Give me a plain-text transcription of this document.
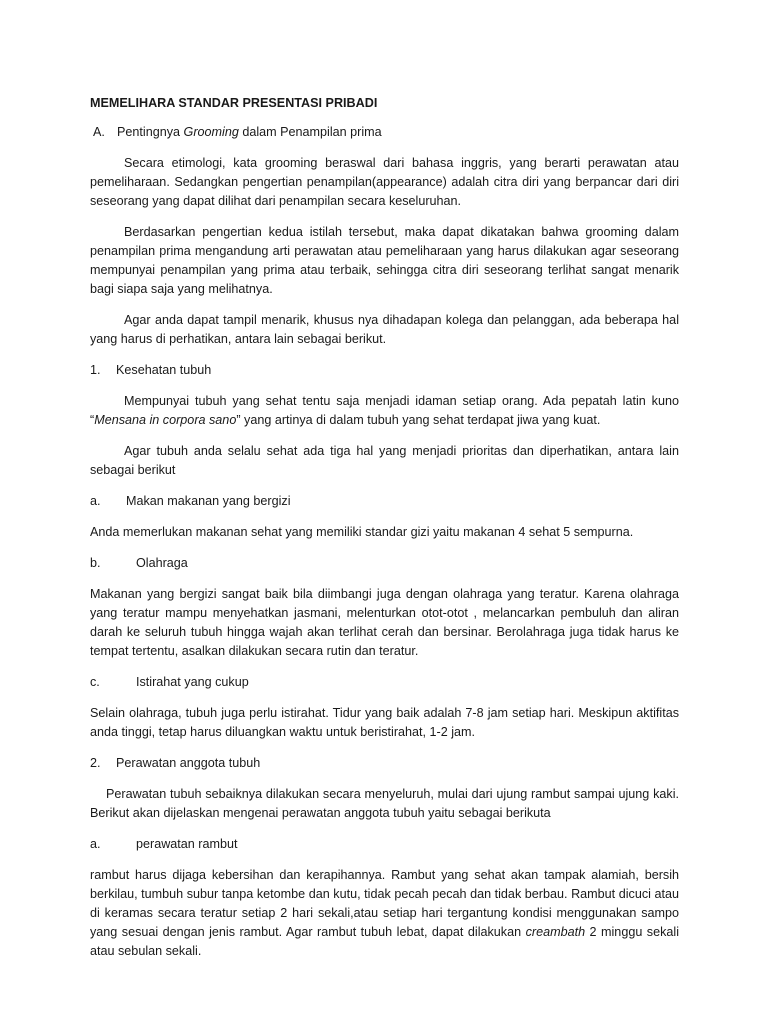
MEMELIHARA STANDAR PRESENTASI PRIBADI
A. Pentingnya Grooming dalam Penampilan prima

Secara etimologi, kata grooming beraswal dari bahasa inggris, yang berarti perawatan atau pemeliharaan. Sedangkan pengertian penampilan(appearance) adalah citra diri yang berpancar dari diri seseorang yang dapat dilihat dari penampilan secara keseluruhan.

Berdasarkan pengertian kedua istilah tersebut, maka dapat dikatakan bahwa grooming dalam penampilan prima mengandung arti perawatan atau pemeliharaan yang harus dilakukan agar seseorang mempunyai penampilan yang prima atau terbaik, sehingga citra diri seseorang terlihat sangat menarik bagi siapa saja yang melihatnya.

Agar anda dapat tampil menarik, khusus nya dihadapan kolega dan pelanggan, ada beberapa hal yang harus di perhatikan, antara lain sebagai berikut.

1. Kesehatan tubuh

Mempunyai tubuh yang sehat tentu saja menjadi idaman setiap orang. Ada pepatah latin kuno “Mensana in corpora sano” yang artinya di dalam tubuh yang sehat terdapat jiwa yang kuat.

Agar tubuh anda selalu sehat ada tiga hal yang menjadi prioritas dan diperhatikan, antara lain sebagai berikut

a. Makan makanan yang bergizi

Anda memerlukan makanan sehat yang memiliki standar gizi yaitu makanan 4 sehat 5 sempurna.

b.	Olahraga

Makanan yang bergizi sangat baik bila diimbangi juga dengan olahraga yang teratur. Karena olahraga yang teratur mampu menyehatkan jasmani, melenturkan otot-otot , melancarkan pembuluh dan aliran darah ke seluruh tubuh hingga wajah akan terlihat cerah dan bersinar. Berolahraga juga tidak harus ke tempat tertentu, asalkan dilakukan secara rutin dan teratur.

c.	Istirahat yang cukup

Selain olahraga, tubuh juga perlu istirahat. Tidur yang baik adalah 7-8 jam setiap hari. Meskipun aktifitas anda tinggi, tetap harus diluangkan waktu untuk beristirahat, 1-2 jam.

2. Perawatan anggota tubuh

Perawatan tubuh sebaiknya dilakukan secara menyeluruh, mulai dari ujung rambut sampai ujung kaki. Berikut akan dijelaskan mengenai perawatan anggota tubuh yaitu sebagai berikuta

a.	perawatan rambut

rambut harus dijaga kebersihan dan kerapihannya. Rambut yang sehat akan tampak alamiah, bersih berkilau, tumbuh subur tanpa ketombe dan kutu, tidak pecah pecah dan tidak berbau. Rambut dicuci atau di keramas secara teratur setiap 2 hari sekali,atau setiap hari tergantung kondisi menggunakan sampo yang sesuai dengan jenis rambut. Agar rambut tubuh lebat, dapat dilakukan creambath 2 minggu sekali atau sebulan sekali.
